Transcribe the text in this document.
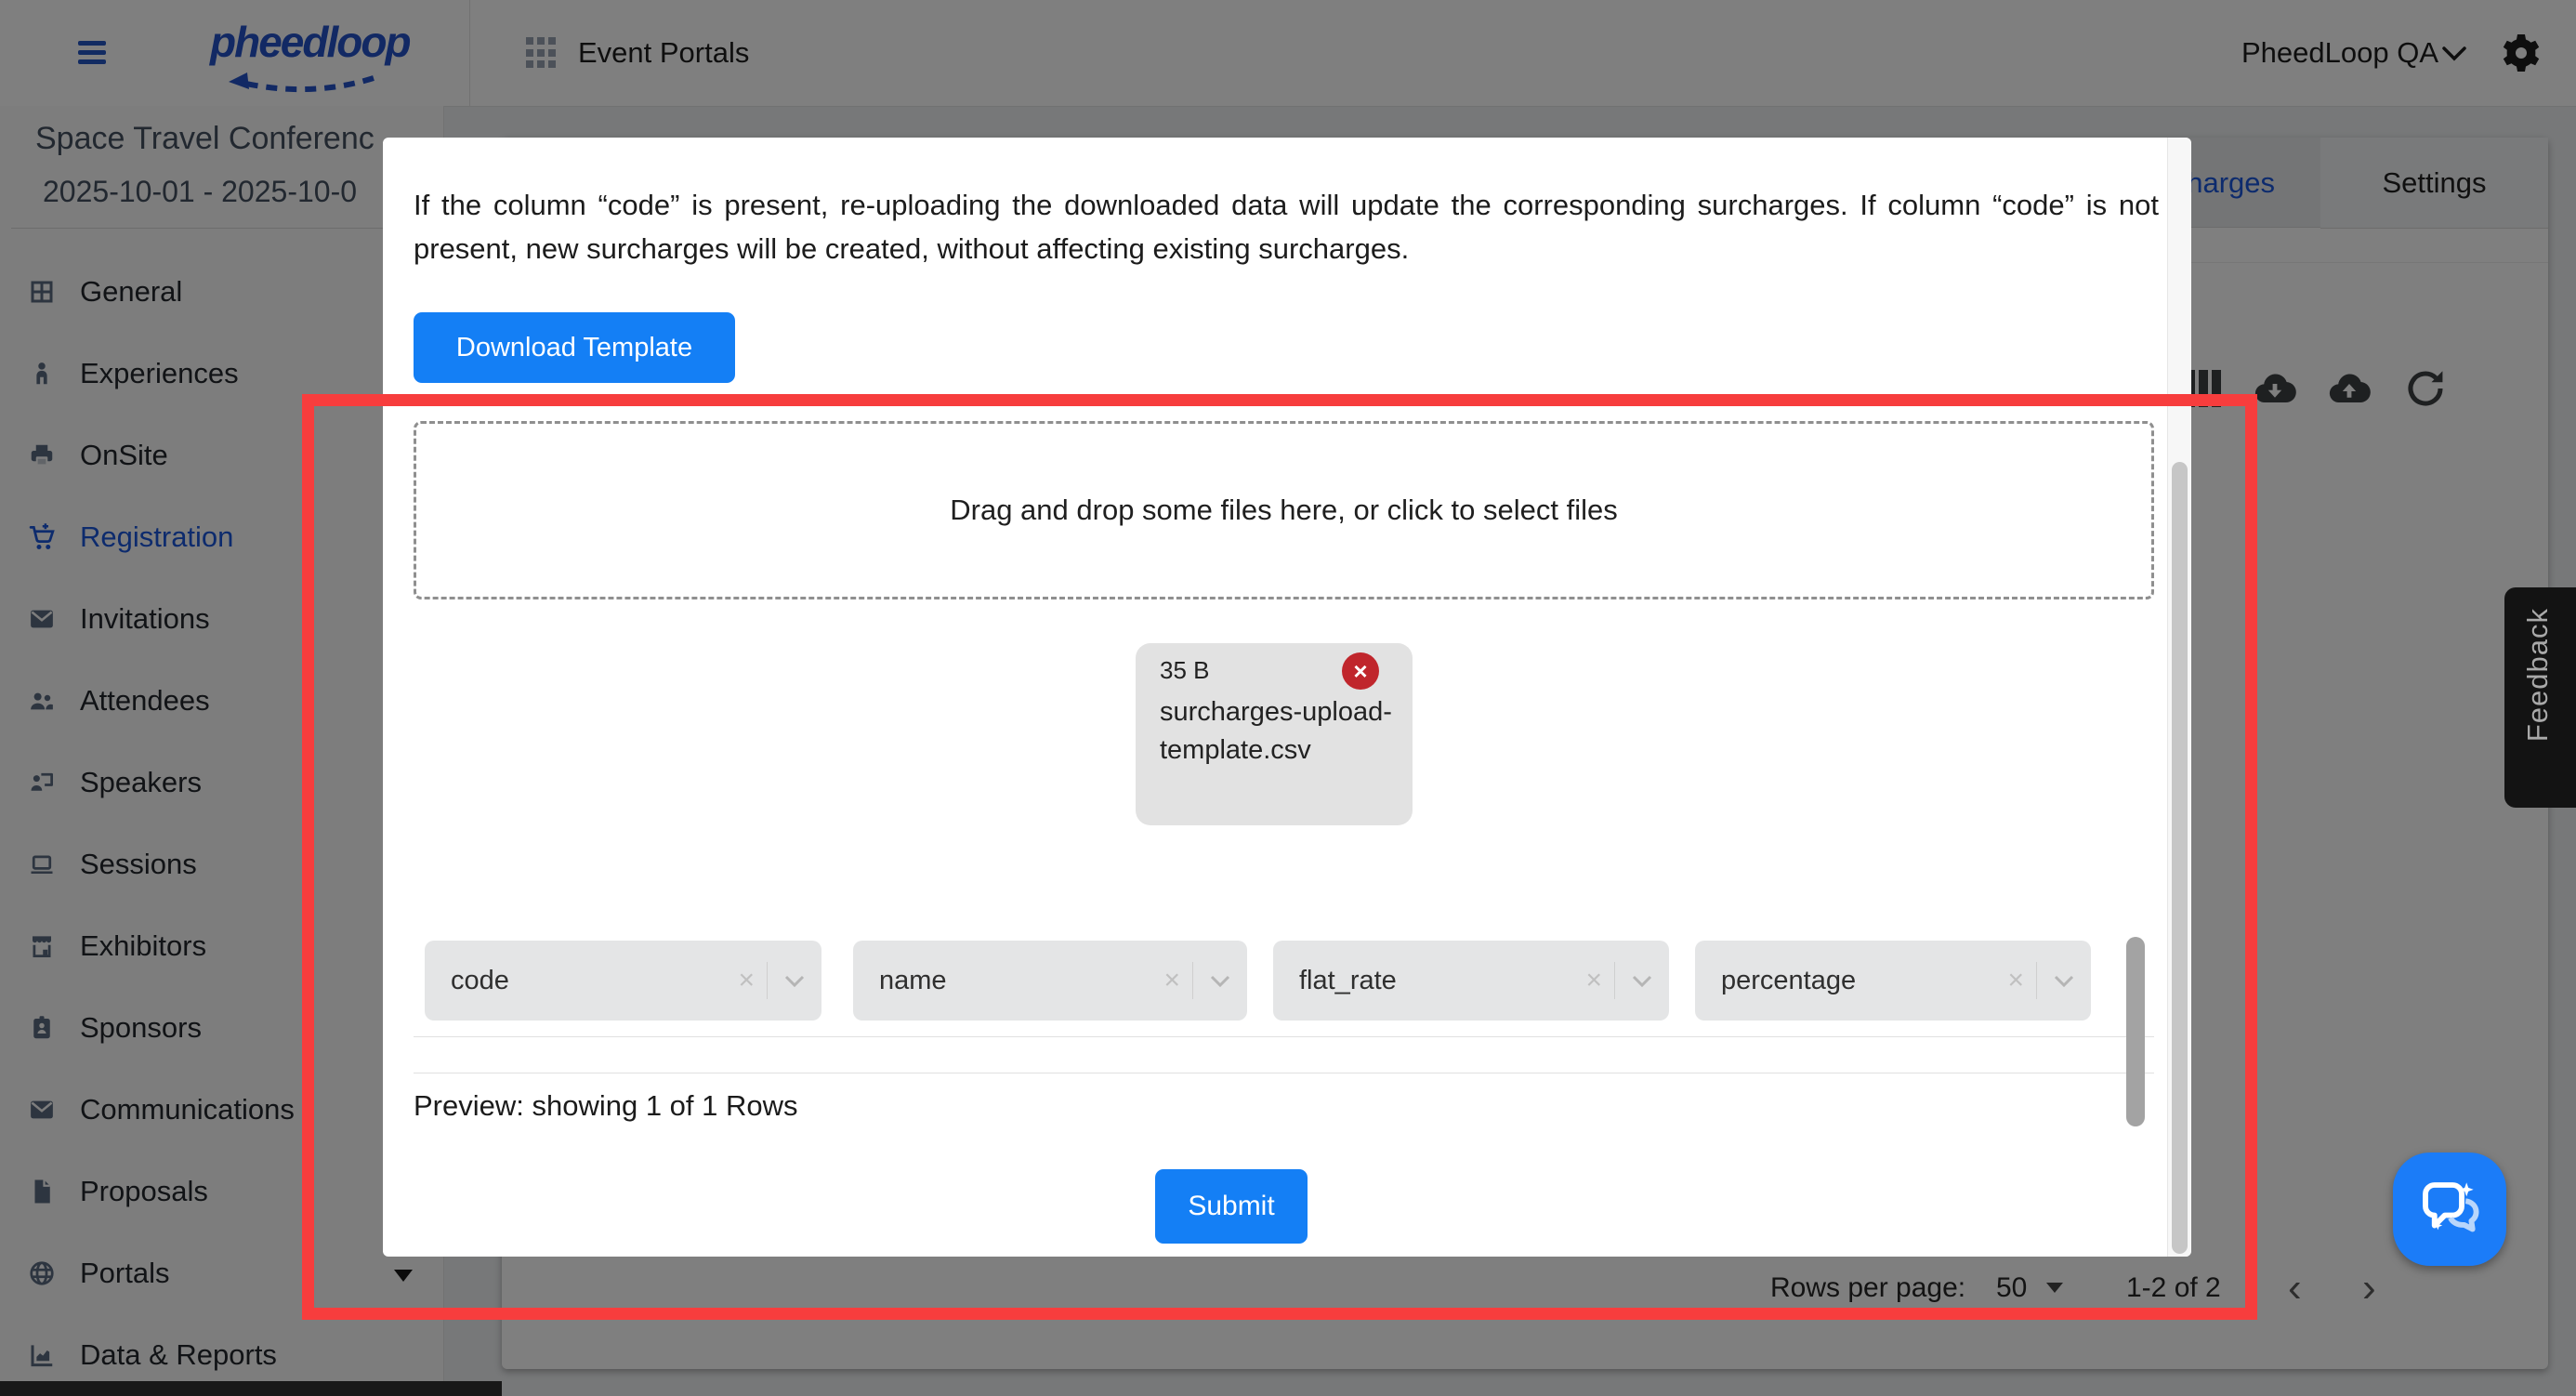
If the column “code” is present, re-uploading the downloaded data will update the corresponding surcharges. If column “code” is not present, new surcharges will be created, without affecting existing surcharges.

Download Template
Drag and drop some files here, or click to select files
35 B
surcharges-upload-template.csv
×
code	×	name	×	flat_rate	×	percentage	×
Preview: showing 1 of 1 Rows
Submit
Feedback
